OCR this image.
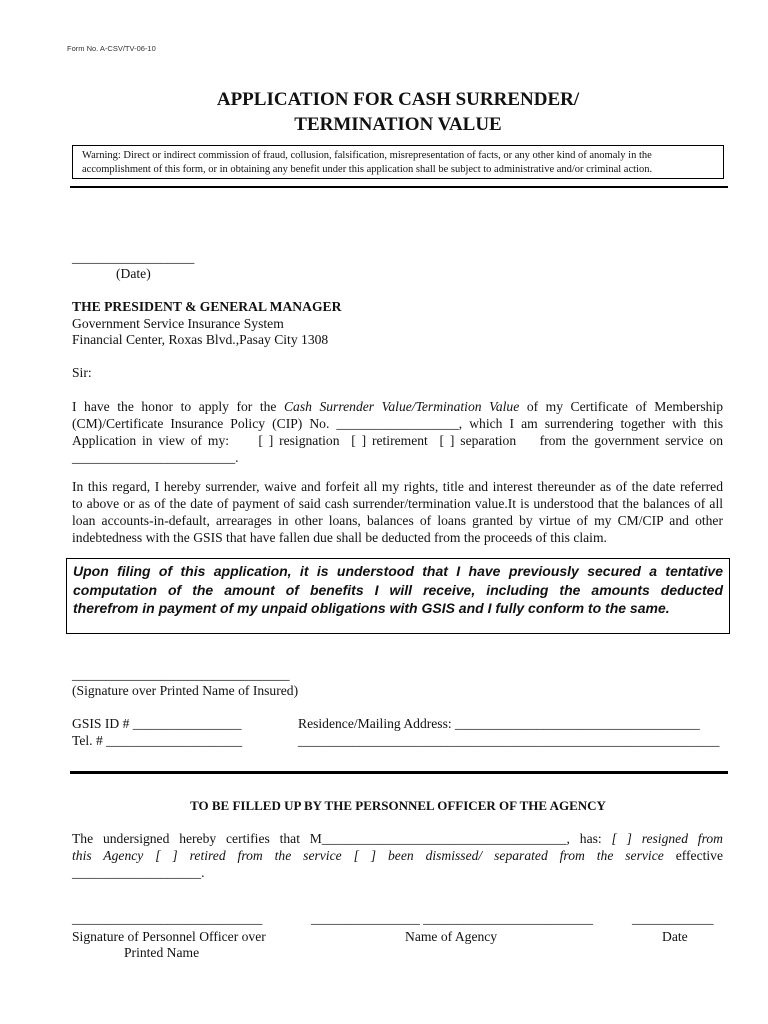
Form No. A-CSV/TV-06-10
APPLICATION FOR CASH SURRENDER/
TERMINATION VALUE
Warning: Direct or indirect commission of fraud, collusion, falsification, misrepresentation of facts, or any other kind of anomaly in the
accomplishment of this form, or in obtaining any benefit under this application shall be subject to administrative and/or criminal action.
__________________
(Date)
THE PRESIDENT & GENERAL MANAGER
Government Service Insurance System
Financial Center, Roxas Blvd.,Pasay City 1308
Sir:
I have the honor to apply for the Cash Surrender Value/Termination Value of my Certificate of Membership
(CM)/Certificate Insurance Policy (CIP) No. __________________, which I am surrendering together with this
Application in view of my: [ ] resignation [ ] retirement [ ] separation from the government service on
________________________.
In this regard, I hereby surrender, waive and forfeit all my rights, title and interest thereunder as of the date referred
to above or as of the date of payment of said cash surrender/termination value.It is understood that the balances of all
loan accounts-in-default, arrearages in other loans, balances of loans granted by virtue of my CM/CIP and other
indebtedness with the GSIS that have fallen due shall be deducted from the proceeds of this claim.
Upon filing of this application, it is understood that I have previously secured a tentative
computation of the amount of benefits I will receive, including the amounts deducted
therefrom in payment of my unpaid obligations with GSIS and I fully conform to the same.
________________________________
(Signature over Printed Name of Insured)
GSIS ID # ________________
Tel. # ____________________
Residence/Mailing Address: ____________________________________
______________________________________________________________
TO BE FILLED UP BY THE PERSONNEL OFFICER OF THE AGENCY
The undersigned hereby certifies that M____________________________________, has: [ ] resigned from
this Agency [ ] retired from the service [ ] been dismissed/ separated from the service effective
___________________.
____________________________
Signature of Personnel Officer over
Printed Name
________________ _________________________
Name of Agency
____________
Date
